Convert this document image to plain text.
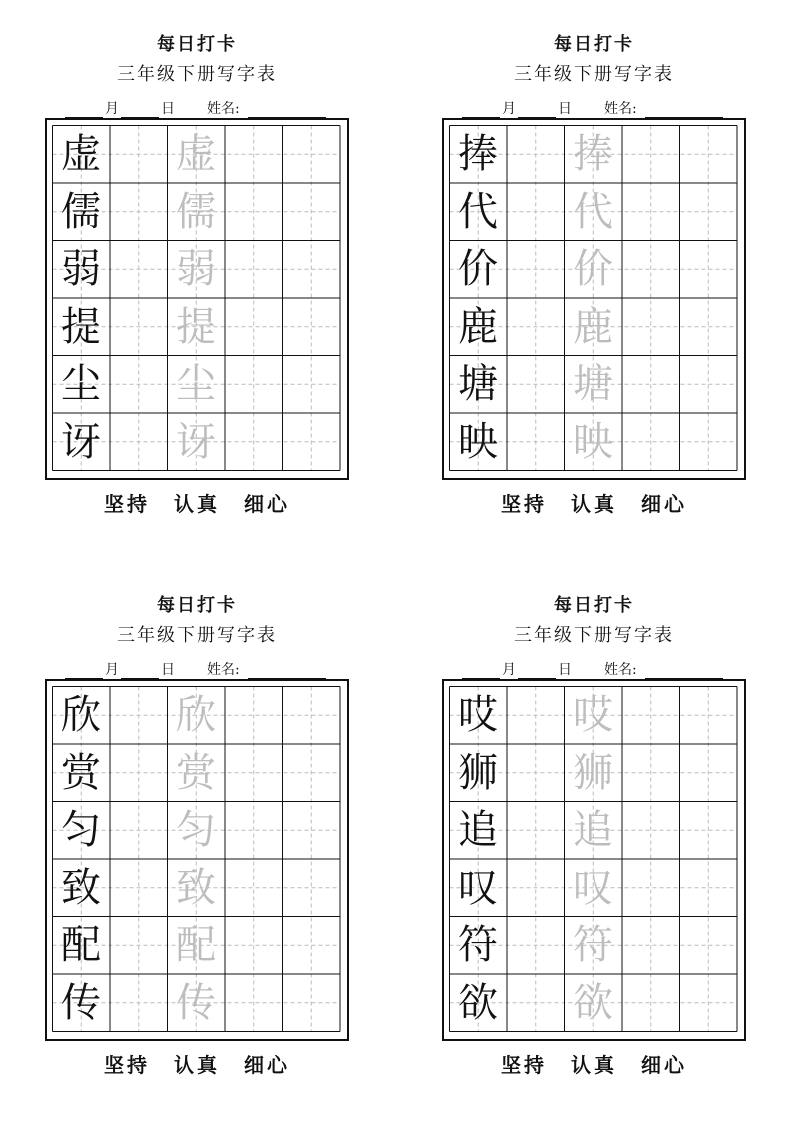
每日打卡
三年级下册写字表
月	日 姓名:
虚 虚
儒 儒
弱 弱
提 提
尘 尘
讶 讶
坚持 认真 细心
每日打卡
三年级下册写字表
月	日 姓名:
捧 捧
代 代
价 价
鹿 鹿
塘 塘
映 映
坚持 认真 细心
每日打卡
三年级下册写字表
月	日 姓名:
欣 欣
赏 赏
匀 匀
致 致
配 配
传 传
坚持 认真 细心
每日打卡
三年级下册写字表
月	日 姓名:
哎 哎
狮 狮
追 追
叹 叹
符 符
欲 欲
坚持 认真 细心
